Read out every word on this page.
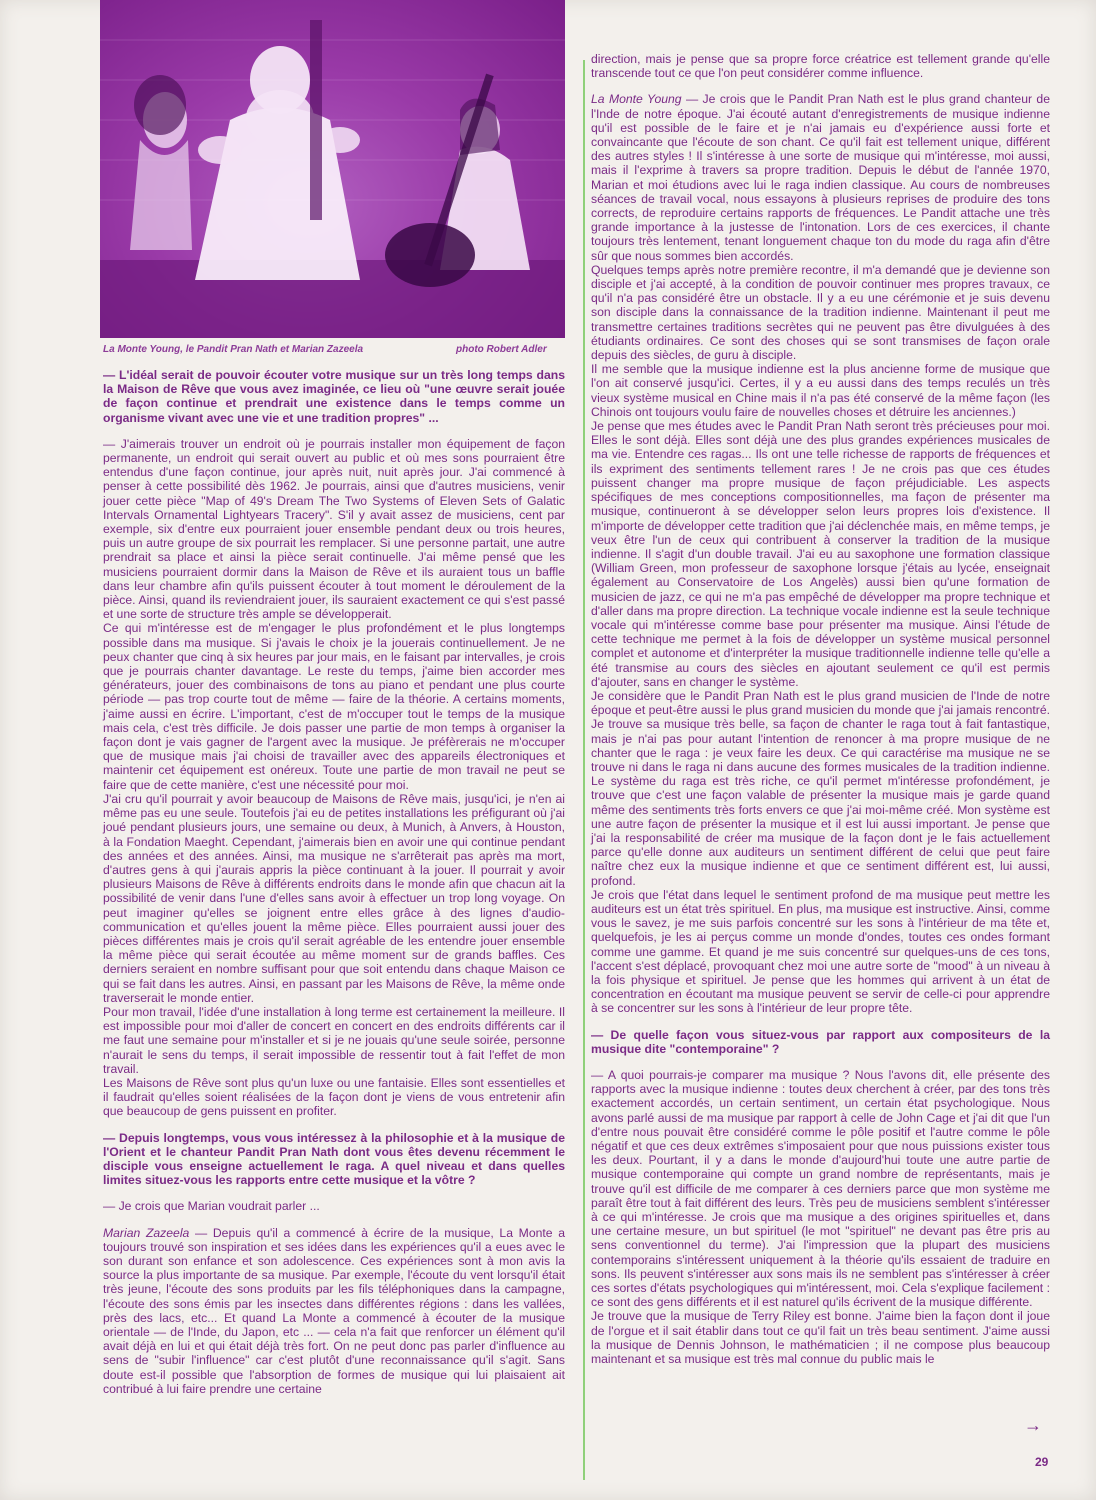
La Monte Young, le Pandit Pran Nath et Marian Zazeela	photo Robert Adler

— L'idéal serait de pouvoir écouter votre musique sur un très long temps dans la Maison de Rêve que vous avez imaginée, ce lieu où "une œuvre serait jouée de façon continue et prendrait une existence dans le temps comme un organisme vivant avec une vie et une tradition propres" ...

— J'aimerais trouver un endroit où je pourrais installer mon équipement de façon permanente, un endroit qui serait ouvert au public et où mes sons pourraient être entendus d'une façon continue, jour après nuit, nuit après jour. J'ai commencé à penser à cette possibilité dès 1962. Je pourrais, ainsi que d'autres musiciens, venir jouer cette pièce "Map of 49's Dream The Two Systems of Eleven Sets of Galatic Intervals Ornamental Lightyears Tracery". S'il y avait assez de musiciens, cent par exemple, six d'entre eux pourraient jouer ensemble pendant deux ou trois heures, puis un autre groupe de six pourrait les remplacer. Si une personne partait, une autre prendrait sa place et ainsi la pièce serait continuelle. J'ai même pensé que les musiciens pourraient dormir dans la Maison de Rêve et ils auraient tous un baffle dans leur chambre afin qu'ils puissent écouter à tout moment le déroulement de la pièce. Ainsi, quand ils reviendraient jouer, ils sauraient exactement ce qui s'est passé et une sorte de structure très ample se développerait.

Ce qui m'intéresse est de m'engager le plus profondément et le plus longtemps possible dans ma musique. Si j'avais le choix je la jouerais continuellement. Je ne peux chanter que cinq à six heures par jour mais, en le faisant par intervalles, je crois que je pourrais chanter davantage. Le reste du temps, j'aime bien accorder mes générateurs, jouer des combinaisons de tons au piano et pendant une plus courte période — pas trop courte tout de même — faire de la théorie. A certains moments, j'aime aussi en écrire. L'important, c'est de m'occuper tout le temps de la musique mais cela, c'est très difficile. Je dois passer une partie de mon temps à organiser la façon dont je vais gagner de l'argent avec la musique. Je préfèrerais ne m'occuper que de musique mais j'ai choisi de travailler avec des appareils électroniques et maintenir cet équipement est onéreux. Toute une partie de mon travail ne peut se faire que de cette manière, c'est une nécessité pour moi.

J'ai cru qu'il pourrait y avoir beaucoup de Maisons de Rêve mais, jusqu'ici, je n'en ai même pas eu une seule. Toutefois j'ai eu de petites installations les préfigurant où j'ai joué pendant plusieurs jours, une semaine ou deux, à Munich, à Anvers, à Houston, à la Fondation Maeght. Cependant, j'aimerais bien en avoir une qui continue pendant des années et des années. Ainsi, ma musique ne s'arrêterait pas après ma mort, d'autres gens à qui j'aurais appris la pièce continuant à la jouer. Il pourrait y avoir plusieurs Maisons de Rêve à différents endroits dans le monde afin que chacun ait la possibilité de venir dans l'une d'elles sans avoir à effectuer un trop long voyage. On peut imaginer qu'elles se joignent entre elles grâce à des lignes d'audio-communication et qu'elles jouent la même pièce. Elles pourraient aussi jouer des pièces différentes mais je crois qu'il serait agréable de les entendre jouer ensemble la même pièce qui serait écoutée au même moment sur de grands baffles. Ces derniers seraient en nombre suffisant pour que soit entendu dans chaque Maison ce qui se fait dans les autres. Ainsi, en passant par les Maisons de Rêve, la même onde traverserait le monde entier.

Pour mon travail, l'idée d'une installation à long terme est certainement la meilleure. Il est impossible pour moi d'aller de concert en concert en des endroits différents car il me faut une semaine pour m'installer et si je ne jouais qu'une seule soirée, personne n'aurait le sens du temps, il serait impossible de ressentir tout à fait l'effet de mon travail.

Les Maisons de Rêve sont plus qu'un luxe ou une fantaisie. Elles sont essentielles et il faudrait qu'elles soient réalisées de la façon dont je viens de vous entretenir afin que beaucoup de gens puissent en profiter.

— Depuis longtemps, vous vous intéressez à la philosophie et à la musique de l'Orient et le chanteur Pandit Pran Nath dont vous êtes devenu récemment le disciple vous enseigne actuellement le raga. A quel niveau et dans quelles limites situez-vous les rapports entre cette musique et la vôtre ?

— Je crois que Marian voudrait parler ...

Marian Zazeela — Depuis qu'il a commencé à écrire de la musique, La Monte a toujours trouvé son inspiration et ses idées dans les expériences qu'il a eues avec le son durant son enfance et son adolescence. Ces expériences sont à mon avis la source la plus importante de sa musique. Par exemple, l'écoute du vent lorsqu'il était très jeune, l'écoute des sons produits par les fils téléphoniques dans la campagne, l'écoute des sons émis par les insectes dans différentes régions : dans les vallées, près des lacs, etc... Et quand La Monte a commencé à écouter de la musique orientale — de l'Inde, du Japon, etc ... — cela n'a fait que renforcer un élément qu'il avait déjà en lui et qui était déjà très fort. On ne peut donc pas parler d'influence au sens de "subir l'influence" car c'est plutôt d'une reconnaissance qu'il s'agit. Sans doute est-il possible que l'absorption de formes de musique qui lui plaisaient ait contribué à lui faire prendre une certaine

direction, mais je pense que sa propre force créatrice est tellement grande qu'elle transcende tout ce que l'on peut considérer comme influence.

La Monte Young — Je crois que le Pandit Pran Nath est le plus grand chanteur de l'Inde de notre époque. J'ai écouté autant d'enregistrements de musique indienne qu'il est possible de le faire et je n'ai jamais eu d'expérience aussi forte et convaincante que l'écoute de son chant. Ce qu'il fait est tellement unique, différent des autres styles ! Il s'intéresse à une sorte de musique qui m'intéresse, moi aussi, mais il l'exprime à travers sa propre tradition. Depuis le début de l'année 1970, Marian et moi étudions avec lui le raga indien classique. Au cours de nombreuses séances de travail vocal, nous essayons à plusieurs reprises de produire des tons corrects, de reproduire certains rapports de fréquences. Le Pandit attache une très grande importance à la justesse de l'intonation. Lors de ces exercices, il chante toujours très lentement, tenant longuement chaque ton du mode du raga afin d'être sûr que nous sommes bien accordés.

Quelques temps après notre première recontre, il m'a demandé que je devienne son disciple et j'ai accepté, à la condition de pouvoir continuer mes propres travaux, ce qu'il n'a pas considéré être un obstacle. Il y a eu une cérémonie et je suis devenu son disciple dans la connaissance de la tradition indienne. Maintenant il peut me transmettre certaines traditions secrètes qui ne peuvent pas être divulguées à des étudiants ordinaires. Ce sont des choses qui se sont transmises de façon orale depuis des siècles, de guru à disciple.

Il me semble que la musique indienne est la plus ancienne forme de musique que l'on ait conservé jusqu'ici. Certes, il y a eu aussi dans des temps reculés un très vieux système musical en Chine mais il n'a pas été conservé de la même façon (les Chinois ont toujours voulu faire de nouvelles choses et détruire les anciennes.)

Je pense que mes études avec le Pandit Pran Nath seront très précieuses pour moi. Elles le sont déjà. Elles sont déjà une des plus grandes expériences musicales de ma vie. Entendre ces ragas... Ils ont une telle richesse de rapports de fréquences et ils expriment des sentiments tellement rares ! Je ne crois pas que ces études puissent changer ma propre musique de façon préjudiciable. Les aspects spécifiques de mes conceptions compositionnelles, ma façon de présenter ma musique, continueront à se développer selon leurs propres lois d'existence. Il m'importe de développer cette tradition que j'ai déclenchée mais, en même temps, je veux être l'un de ceux qui contribuent à conserver la tradition de la musique indienne. Il s'agit d'un double travail. J'ai eu au saxophone une formation classique (William Green, mon professeur de saxophone lorsque j'étais au lycée, enseignait également au Conservatoire de Los Angelès) aussi bien qu'une formation de musicien de jazz, ce qui ne m'a pas empêché de développer ma propre technique et d'aller dans ma propre direction. La technique vocale indienne est la seule technique vocale qui m'intéresse comme base pour présenter ma musique. Ainsi l'étude de cette technique me permet à la fois de développer un système musical personnel complet et autonome et d'interpréter la musique traditionnelle indienne telle qu'elle a été transmise au cours des siècles en ajoutant seulement ce qu'il est permis d'ajouter, sans en changer le système.

Je considère que le Pandit Pran Nath est le plus grand musicien de l'Inde de notre époque et peut-être aussi le plus grand musicien du monde que j'ai jamais rencontré. Je trouve sa musique très belle, sa façon de chanter le raga tout à fait fantastique, mais je n'ai pas pour autant l'intention de renoncer à ma propre musique de ne chanter que le raga : je veux faire les deux. Ce qui caractérise ma musique ne se trouve ni dans le raga ni dans aucune des formes musicales de la tradition indienne. Le système du raga est très riche, ce qu'il permet m'intéresse profondément, je trouve que c'est une façon valable de présenter la musique mais je garde quand même des sentiments très forts envers ce que j'ai moi-même créé. Mon système est une autre façon de présenter la musique et il est lui aussi important. Je pense que j'ai la responsabilité de créer ma musique de la façon dont je le fais actuellement parce qu'elle donne aux auditeurs un sentiment différent de celui que peut faire naître chez eux la musique indienne et que ce sentiment différent est, lui aussi, profond.

Je crois que l'état dans lequel le sentiment profond de ma musique peut mettre les auditeurs est un état très spirituel. En plus, ma musique est instructive. Ainsi, comme vous le savez, je me suis parfois concentré sur les sons à l'intérieur de ma tête et, quelquefois, je les ai perçus comme un monde d'ondes, toutes ces ondes formant comme une gamme. Et quand je me suis concentré sur quelques-uns de ces tons, l'accent s'est déplacé, provoquant chez moi une autre sorte de "mood" à un niveau à la fois physique et spirituel. Je pense que les hommes qui arrivent à un état de concentration en écoutant ma musique peuvent se servir de celle-ci pour apprendre à se concentrer sur les sons à l'intérieur de leur propre tête.

— De quelle façon vous situez-vous par rapport aux compositeurs de la musique dite "contemporaine" ?

— A quoi pourrais-je comparer ma musique ? Nous l'avons dit, elle présente des rapports avec la musique indienne : toutes deux cherchent à créer, par des tons très exactement accordés, un certain sentiment, un certain état psychologique. Nous avons parlé aussi de ma musique par rapport à celle de John Cage et j'ai dit que l'un d'entre nous pouvait être considéré comme le pôle positif et l'autre comme le pôle négatif et que ces deux extrêmes s'imposaient pour que nous puissions exister tous les deux. Pourtant, il y a dans le monde d'aujourd'hui toute une autre partie de musique contemporaine qui compte un grand nombre de représentants, mais je trouve qu'il est difficile de me comparer à ces derniers parce que mon système me paraît être tout à fait différent des leurs. Très peu de musiciens semblent s'intéresser à ce qui m'intéresse. Je crois que ma musique a des origines spirituelles et, dans une certaine mesure, un but spirituel (le mot "spirituel" ne devant pas être pris au sens conventionnel du terme). J'ai l'impression que la plupart des musiciens contemporains s'intéressent uniquement à la théorie qu'ils essaient de traduire en sons. Ils peuvent s'intéresser aux sons mais ils ne semblent pas s'intéresser à créer ces sortes d'états psychologiques qui m'intéressent, moi. Cela s'explique facilement : ce sont des gens différents et il est naturel qu'ils écrivent de la musique différente.

Je trouve que la musique de Terry Riley est bonne. J'aime bien la façon dont il joue de l'orgue et il sait établir dans tout ce qu'il fait un très beau sentiment. J'aime aussi la musique de Dennis Johnson, le mathématicien ; il ne compose plus beaucoup maintenant et sa musique est très mal connue du public mais le

→
29
